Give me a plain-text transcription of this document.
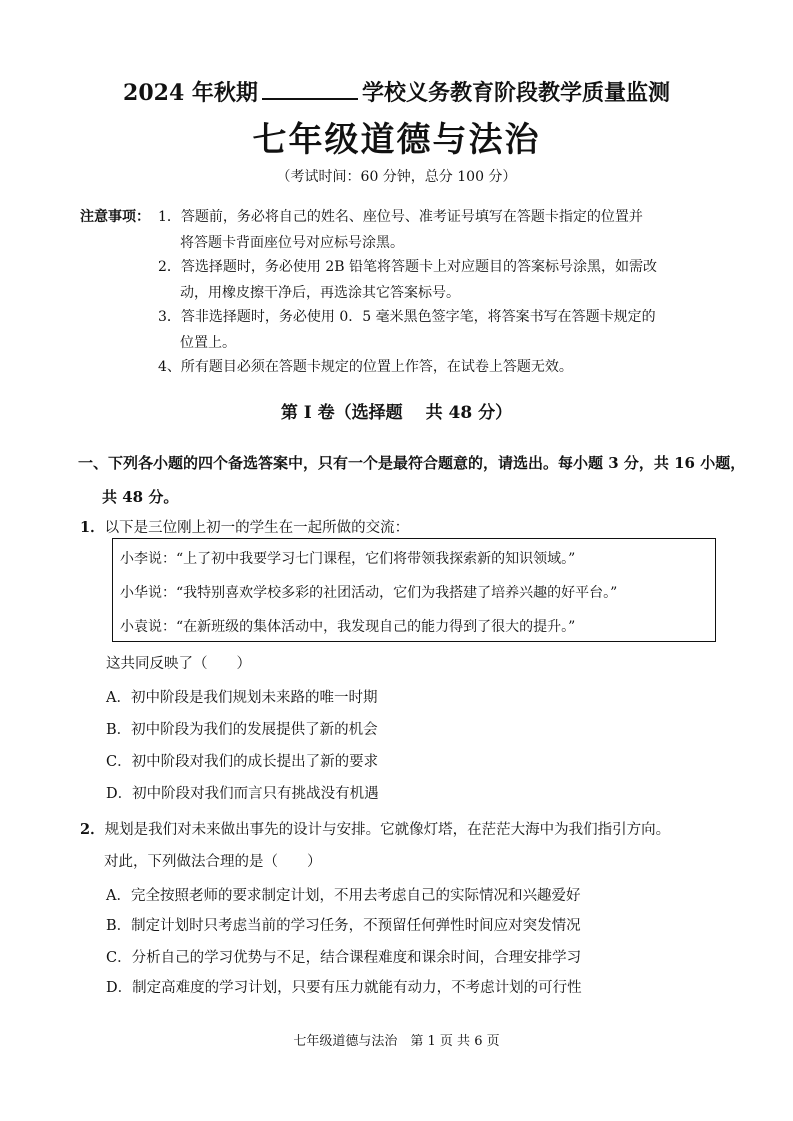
2024 年秋期	学校义务教育阶段教学质量监测
七年级道德与法治
（考试时间：60 分钟，总分 100 分）
注意事项： 1．答题前，务必将自己的姓名、座位号、准考证号填写在答题卡指定的位置并
将答题卡背面座位号对应标号涂黑。
2．答选择题时，务必使用 2B 铅笔将答题卡上对应题目的答案标号涂黑，如需改
动，用橡皮擦干净后，再选涂其它答案标号。
3．答非选择题时，务必使用 0．5 毫米黑色签字笔，将答案书写在答题卡规定的
位置上。
4、所有题目必须在答题卡规定的位置上作答，在试卷上答题无效。
第 Ⅰ 卷（选择题　 共 48 分）
一、下列各小题的四个备选答案中，只有一个是最符合题意的，请选出。每小题 3 分，共 16 小题，
共 48 分。
1．以下是三位刚上初一的学生在一起所做的交流：
小李说：“上了初中我要学习七门课程，它们将带领我探索新的知识领域。”
小华说：“我特别喜欢学校多彩的社团活动，它们为我搭建了培养兴趣的好平台。”
小袁说：“在新班级的集体活动中，我发现自己的能力得到了很大的提升。”
这共同反映了（　　）
A．初中阶段是我们规划未来路的唯一时期
B．初中阶段为我们的发展提供了新的机会
C．初中阶段对我们的成长提出了新的要求
D．初中阶段对我们而言只有挑战没有机遇
2．规划是我们对未来做出事先的设计与安排。它就像灯塔，在茫茫大海中为我们指引方向。
对此，下列做法合理的是（　　）
A．完全按照老师的要求制定计划，不用去考虑自己的实际情况和兴趣爱好
B．制定计划时只考虑当前的学习任务，不预留任何弹性时间应对突发情况
C．分析自己的学习优势与不足，结合课程难度和课余时间，合理安排学习
D．制定高难度的学习计划，只要有压力就能有动力，不考虑计划的可行性
七年级道德与法治　第 1 页 共 6 页
